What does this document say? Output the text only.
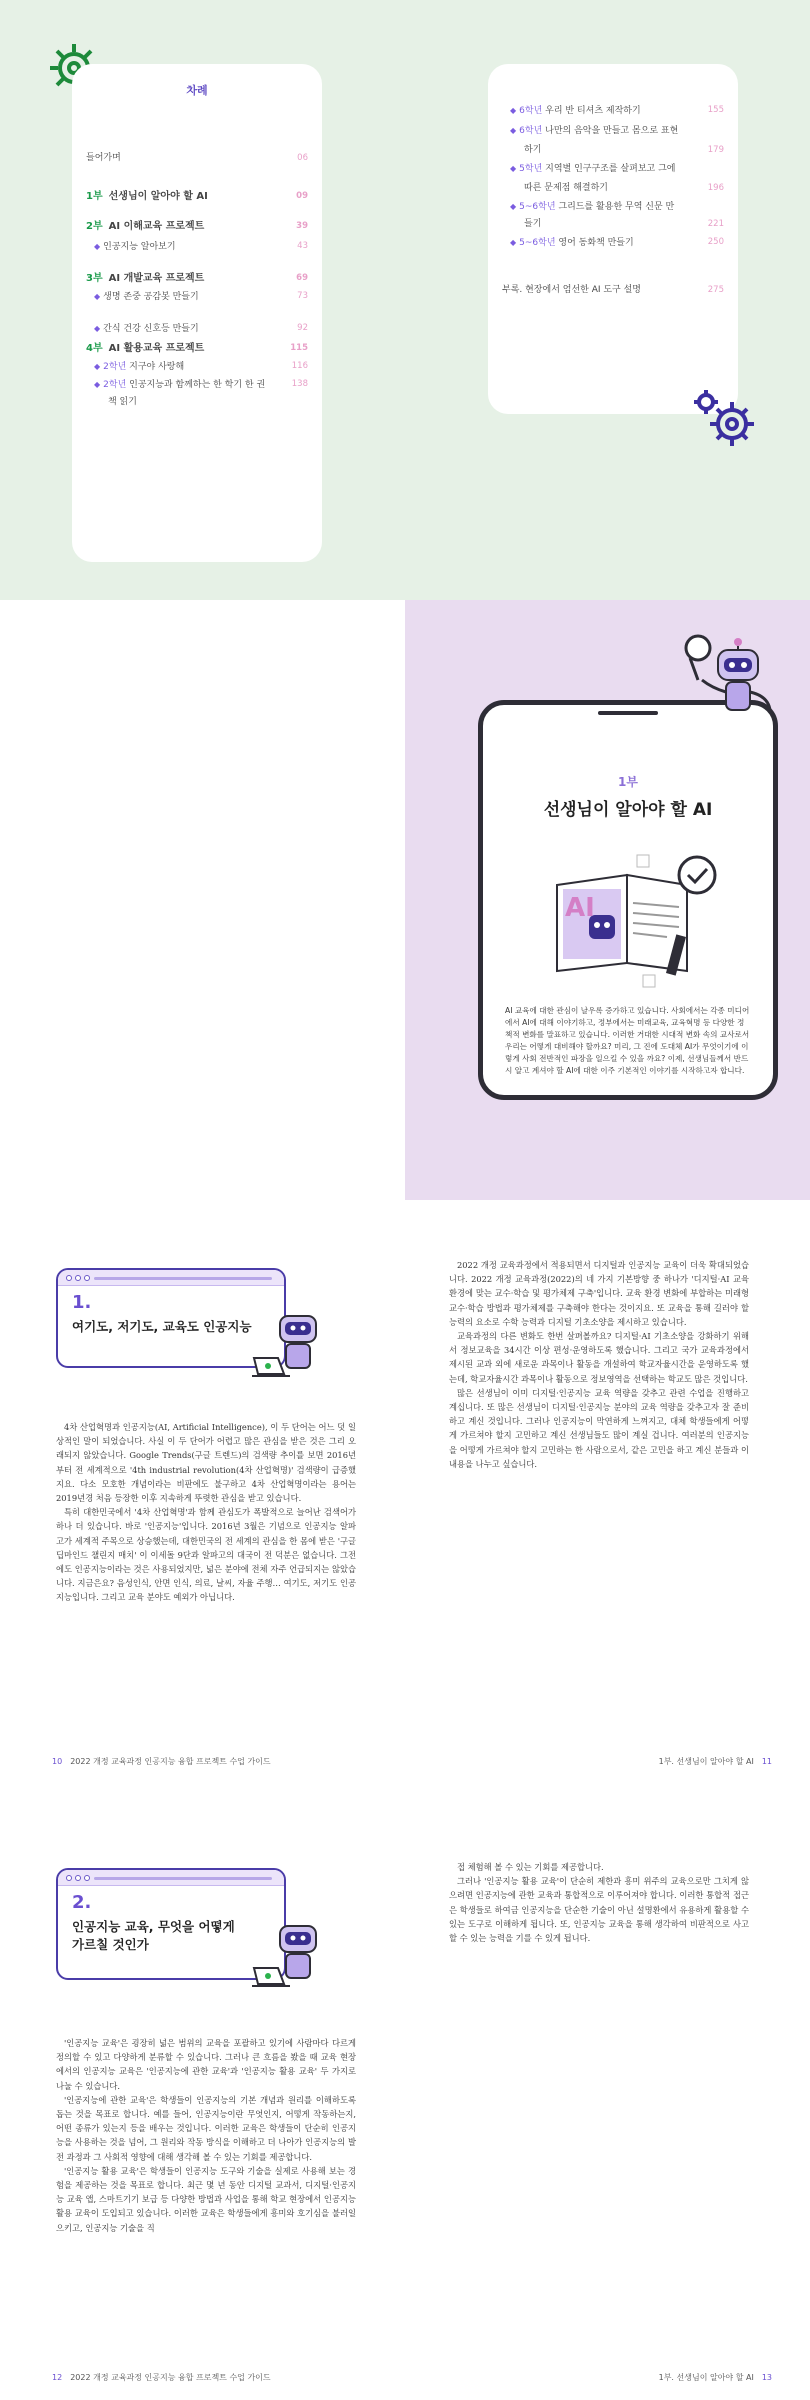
차례
들어가며	06
1부 선생님이 알아야 할 AI	09
2부 AI 이해교육 프로젝트	39
◆ 인공지능 알아보기	43
3부 AI 개발교육 프로젝트	69
◆ 생명 존중 공감봇 만들기	73
◆ 간식 건강 신호등 만들기	92
4부 AI 활용교육 프로젝트	115
◆ 2학년 지구야 사랑해	116
◆ 2학년 인공지능과 함께하는 한 학기 한 권	138
책 읽기
◆ 6학년 우리 반 티셔츠 제작하기	155
◆ 6학년 나만의 음악을 만들고 몸으로 표현
하기	179
◆ 5학년 지역별 인구구조를 살펴보고 그에
따른 문제점 해결하기	196
◆ 5~6학년 그리드를 활용한 무역 신문 만
들기	221
◆ 5~6학년 영어 동화책 만들기	250
부록. 현장에서 엄선한 AI 도구 설명	275
1부
선생님이 알아야 할 AI
AI
AI 교육에 대한 관심이 날우록 증가하고 있습니다. 사회에서는 각종 미디어에서 AI에 대해 이야기하고, 정부에서는 미래교육, 교육혁명 등 다양한 정책적 변화를 말표하고 있습니다. 이러한 거대한 시대적 변화 속의 교사로서 우리는 어떻게 대비해야 할까요? 미리, 그 진에 도대체 AI가 무엇이기에 이렇게 사회 전반적인 파장을 일으킬 수 있을 까요? 이제, 선생님들께서 반드시 알고 계셔야 할 AI에 대한 이주 기본적인 이야기를 시작하고자 합니다.
1.
여기도, 저기도, 교육도 인공지능
4차 산업혁명과 인공지능(AI, Artificial Intelligence), 이 두 단어는 어느 덧 일상적인 말이 되었습니다. 사실 이 두 단어가 어렵고 많은 관심을 받은 것은 그리 오래되지 않았습니다. Google Trends(구글 트렌드)의 검색량 추이를 보면 2016년부터 전 세계적으로 '4th industrial revolution(4차 산업혁명)' 검색량이 급증했지요. 다소 모호한 개념이라는 비판에도 불구하고 4차 산업혁명이라는 용어는 2019년경 처음 등장한 이후 지속하게 뚜렷한 관심을 받고 있습니다.
특히 대한민국에서 '4차 산업혁명'과 함께 관심도가 폭발적으로 늘어난 검색어가 하나 더 있습니다. 바로 '인공지능'입니다. 2016년 3월은 기념으로 인공지능 알파고가 세계적 주목으로 상승했는데, 대한민국의 전 세계의 관심을 한 몸에 받은 '구글 딥마인드 챌린지 매치' 이 이세돌 9단과 알파고의 대국이 전 덕분은 없습니다. 그전에도 인공지능이라는 것은 사용되었지만, 넓은 분야에 전체 자주 언급되지는 않았습니다. 지금은요? 음성인식, 안면 인식, 의료, 날씨, 자율 주행… 여기도, 저기도 인공지능입니다. 그리고 교육 분야도 예외가 아닙니다.
10 2022 개정 교육과정 인공지능 융합 프로젝트 수업 가이드
2022 개정 교육과정에서 적용되면서 디지털과 인공지능 교육이 더욱 확대되었습니다. 2022 개정 교육과정(2022)의 네 가지 기본방향 중 하나가 '디지털·AI 교육 환경에 맞는 교수·학습 및 평가체제 구축'입니다. 교육 환경 변화에 부합하는 미래형 교수·학습 방법과 평가체제를 구축해야 한다는 것이지요. 또 교육을 통해 길러야 할 능력의 요소로 수학 능력과 디지털 기초소양을 제시하고 있습니다.
교육과정의 다른 변화도 한번 살펴볼까요? 디지털·AI 기초소양을 강화하기 위해서 정보교육을 34시간 이상 편성·운영하도록 했습니다. 그리고 국가 교육과정에서 제시된 교과 외에 새로운 과목이나 활동을 개설하여 학교자율시간을 운영하도록 했는데, 학교자율시간 과목이나 활동으로 정보영역을 선택하는 학교도 많은 것입니다.
많은 선생님이 이미 디지털·인공지능 교육 역량을 갖추고 관련 수업을 진행하고 계십니다. 또 많은 선생님이 디지털·인공지능 분야의 교육 역량을 갖추고자 잘 준비하고 계신 것입니다. 그러나 인공지능이 막연하게 느껴지고, 대체 학생들에게 어떻게 가르쳐야 할지 고민하고 계신 선생님들도 많이 계실 겁니다. 여러분의 인공지능을 어떻게 가르쳐야 할지 고민하는 한 사람으로서, 같은 고민을 하고 계신 분들과 이 내용을 나누고 싶습니다.
1부. 선생님이 알아야 할 AI 11
2.
인공지능 교육, 무엇을 어떻게
가르칠 것인가
'인공지능 교육'은 굉장히 넓은 범위의 교육을 포괄하고 있기에 사람마다 다르게 정의할 수 있고 다양하게 분류할 수 있습니다. 그러나 큰 흐름을 봤을 때 교육 현장에서의 인공지능 교육은 '인공지능에 관한 교육'과 '인공지능 활용 교육' 두 가지로 나눌 수 있습니다.
'인공지능에 관한 교육'은 학생들이 인공지능의 기본 개념과 원리를 이해하도록 돕는 것을 목표로 합니다. 예를 들어, 인공지능이란 무엇인지, 어떻게 작동하는지, 어떤 종류가 있는지 등을 배우는 것입니다. 이러한 교육은 학생들이 단순히 인공지능을 사용하는 것을 넘어, 그 원리와 작동 방식을 이해하고 더 나아가 인공지능의 발전 과정과 그 사회적 영향에 대해 생각해 볼 수 있는 기회를 제공합니다.
'인공지능 활용 교육'은 학생들이 인공지능 도구와 기술을 실제로 사용해 보는 경험을 제공하는 것을 목표로 합니다. 최근 몇 년 동안 디지털 교과서, 디지털·인공지능 교육 앱, 스마트기기 보급 등 다양한 방법과 사업을 통해 학교 현장에서 인공지능 활용 교육이 도입되고 있습니다. 이러한 교육은 학생들에게 흥미와 호기심을 불러일으키고, 인공지능 기술을 직
12 2022 개정 교육과정 인공지능 융합 프로젝트 수업 가이드
접 체험해 볼 수 있는 기회를 제공합니다.
그러나 '인공지능 활용 교육'이 단순히 제한과 흥미 위주의 교육으로만 그치게 않으려면 인공지능에 관한 교육과 통합적으로 이루어져야 합니다. 이러한 통합적 접근은 학생들로 하여금 인공지능을 단순한 기술이 아닌 설명환에서 유용하게 활용할 수 있는 도구로 이해하게 됩니다. 또, 인공지능 교육을 통해 생각하여 비판적으로 사고할 수 있는 능력을 기를 수 있게 됩니다.
1부. 선생님이 알아야 할 AI 13
